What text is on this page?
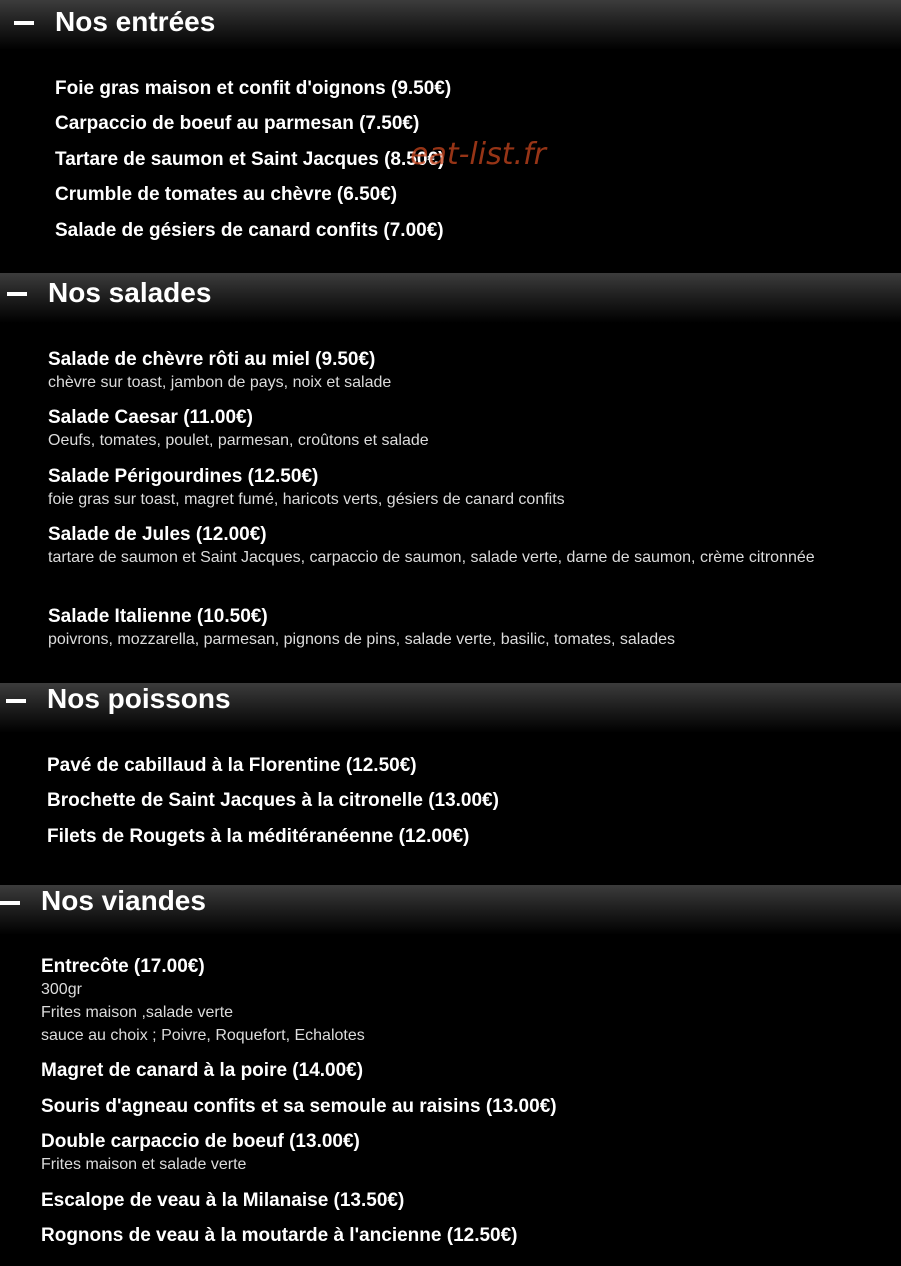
Nos entrées
Foie gras maison et confit d'oignons (9.50€)
Carpaccio de boeuf au parmesan (7.50€)
Tartare de saumon et Saint Jacques (8.50€)
Crumble de tomates au chèvre (6.50€)
Salade de gésiers de canard confits (7.00€)
Nos salades
Salade de chèvre rôti au miel (9.50€)
chèvre sur toast, jambon de pays, noix et salade
Salade Caesar (11.00€)
Oeufs, tomates, poulet, parmesan, croûtons et salade
Salade Périgourdines (12.50€)
foie gras sur toast, magret fumé, haricots verts, gésiers de canard confits
Salade de Jules (12.00€)
tartare de saumon et Saint Jacques, carpaccio de saumon, salade verte, darne de saumon, crème citronnée
Salade Italienne (10.50€)
poivrons, mozzarella, parmesan, pignons de pins, salade verte, basilic, tomates, salades
Nos poissons
Pavé de cabillaud à la Florentine (12.50€)
Brochette de Saint Jacques à la citronelle (13.00€)
Filets de Rougets à la méditéranéenne (12.00€)
Nos viandes
Entrecôte (17.00€)
300gr
Frites maison ,salade verte
sauce au choix ; Poivre, Roquefort, Echalotes
Magret de canard à la poire (14.00€)
Souris d'agneau confits et sa semoule au raisins (13.00€)
Double carpaccio de boeuf (13.00€)
Frites maison et salade verte
Escalope de veau à la Milanaise (13.50€)
Rognons de veau à la moutarde à l'ancienne (12.50€)
eat-list.fr
